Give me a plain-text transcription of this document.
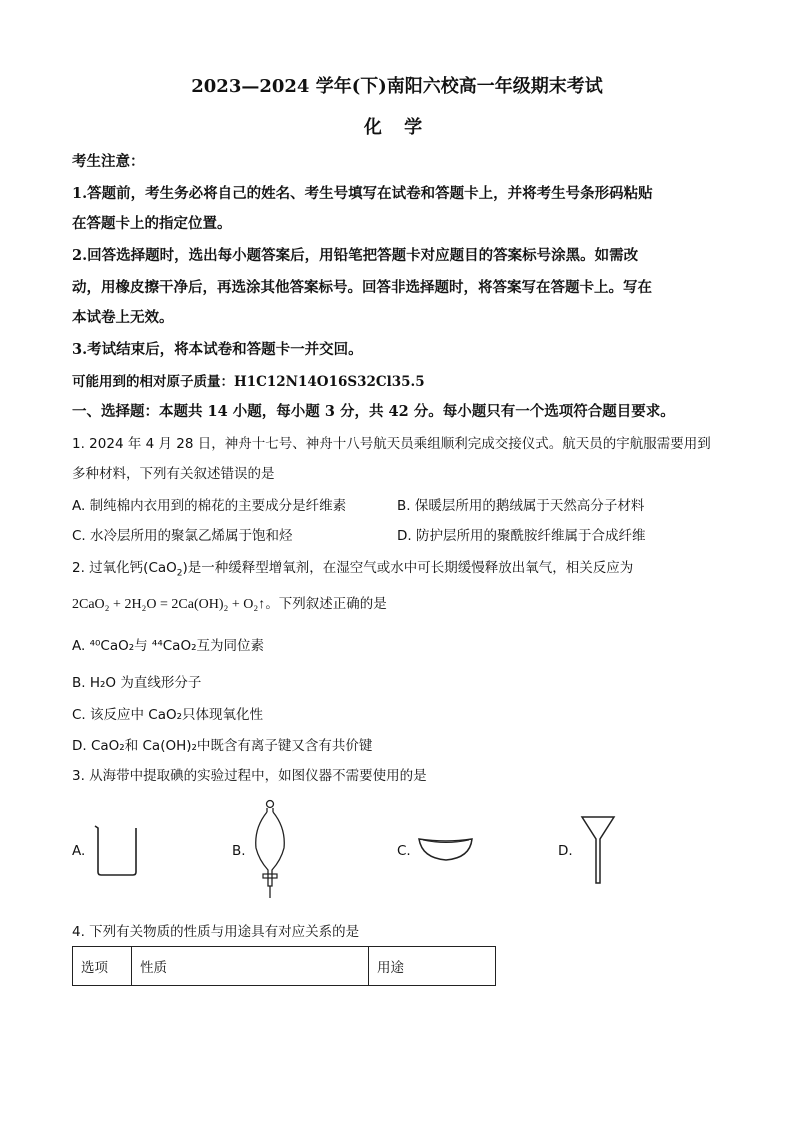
2023—2024 学年(下)南阳六校高一年级期末考试
化 学
考生注意：
1.答题前，考生务必将自己的姓名、考生号填写在试卷和答题卡上，并将考生号条形码粘贴
在答题卡上的指定位置。
2.回答选择题时，选出每小题答案后，用铅笔把答题卡对应题目的答案标号涂黑。如需改
动，用橡皮擦干净后，再选涂其他答案标号。回答非选择题时，将答案写在答题卡上。写在
本试卷上无效。
3.考试结束后，将本试卷和答题卡一并交回。
可能用到的相对原子质量：H1C12N14O16S32Cl35.5
一、选择题：本题共 14 小题，每小题 3 分，共 42 分。每小题只有一个选项符合题目要求。
1. 2024 年 4 月 28 日，神舟十七号、神舟十八号航天员乘组顺利完成交接仪式。航天员的宇航服需要用到
多种材料，下列有关叙述错误的是
A. 制纯棉内衣用到的棉花的主要成分是纤维素	B. 保暖层所用的鹅绒属于天然高分子材料
C. 水冷层所用的聚氯乙烯属于饱和烃	D. 防护层所用的聚酰胺纤维属于合成纤维
2. 过氧化钙(CaO$_2$)是一种缓释型增氧剂，在湿空气或水中可长期缓慢释放出氧气，相关反应为
2CaO₂ + 2H₂O = 2Ca(OH)₂ + O₂↑。下列叙述正确的是
A. ⁴⁰CaO₂与 ⁴⁴CaO₂互为同位素
B. H₂O 为直线形分子
C. 该反应中 CaO₂只体现氧化性
D. CaO₂和 Ca(OH)₂中既含有离子键又含有共价键
3. 从海带中提取碘的实验过程中，如图仪器不需要使用的是
A.	B.	C.	D.
4. 下列有关物质的性质与用途具有对应关系的是
选项	性质	用途
